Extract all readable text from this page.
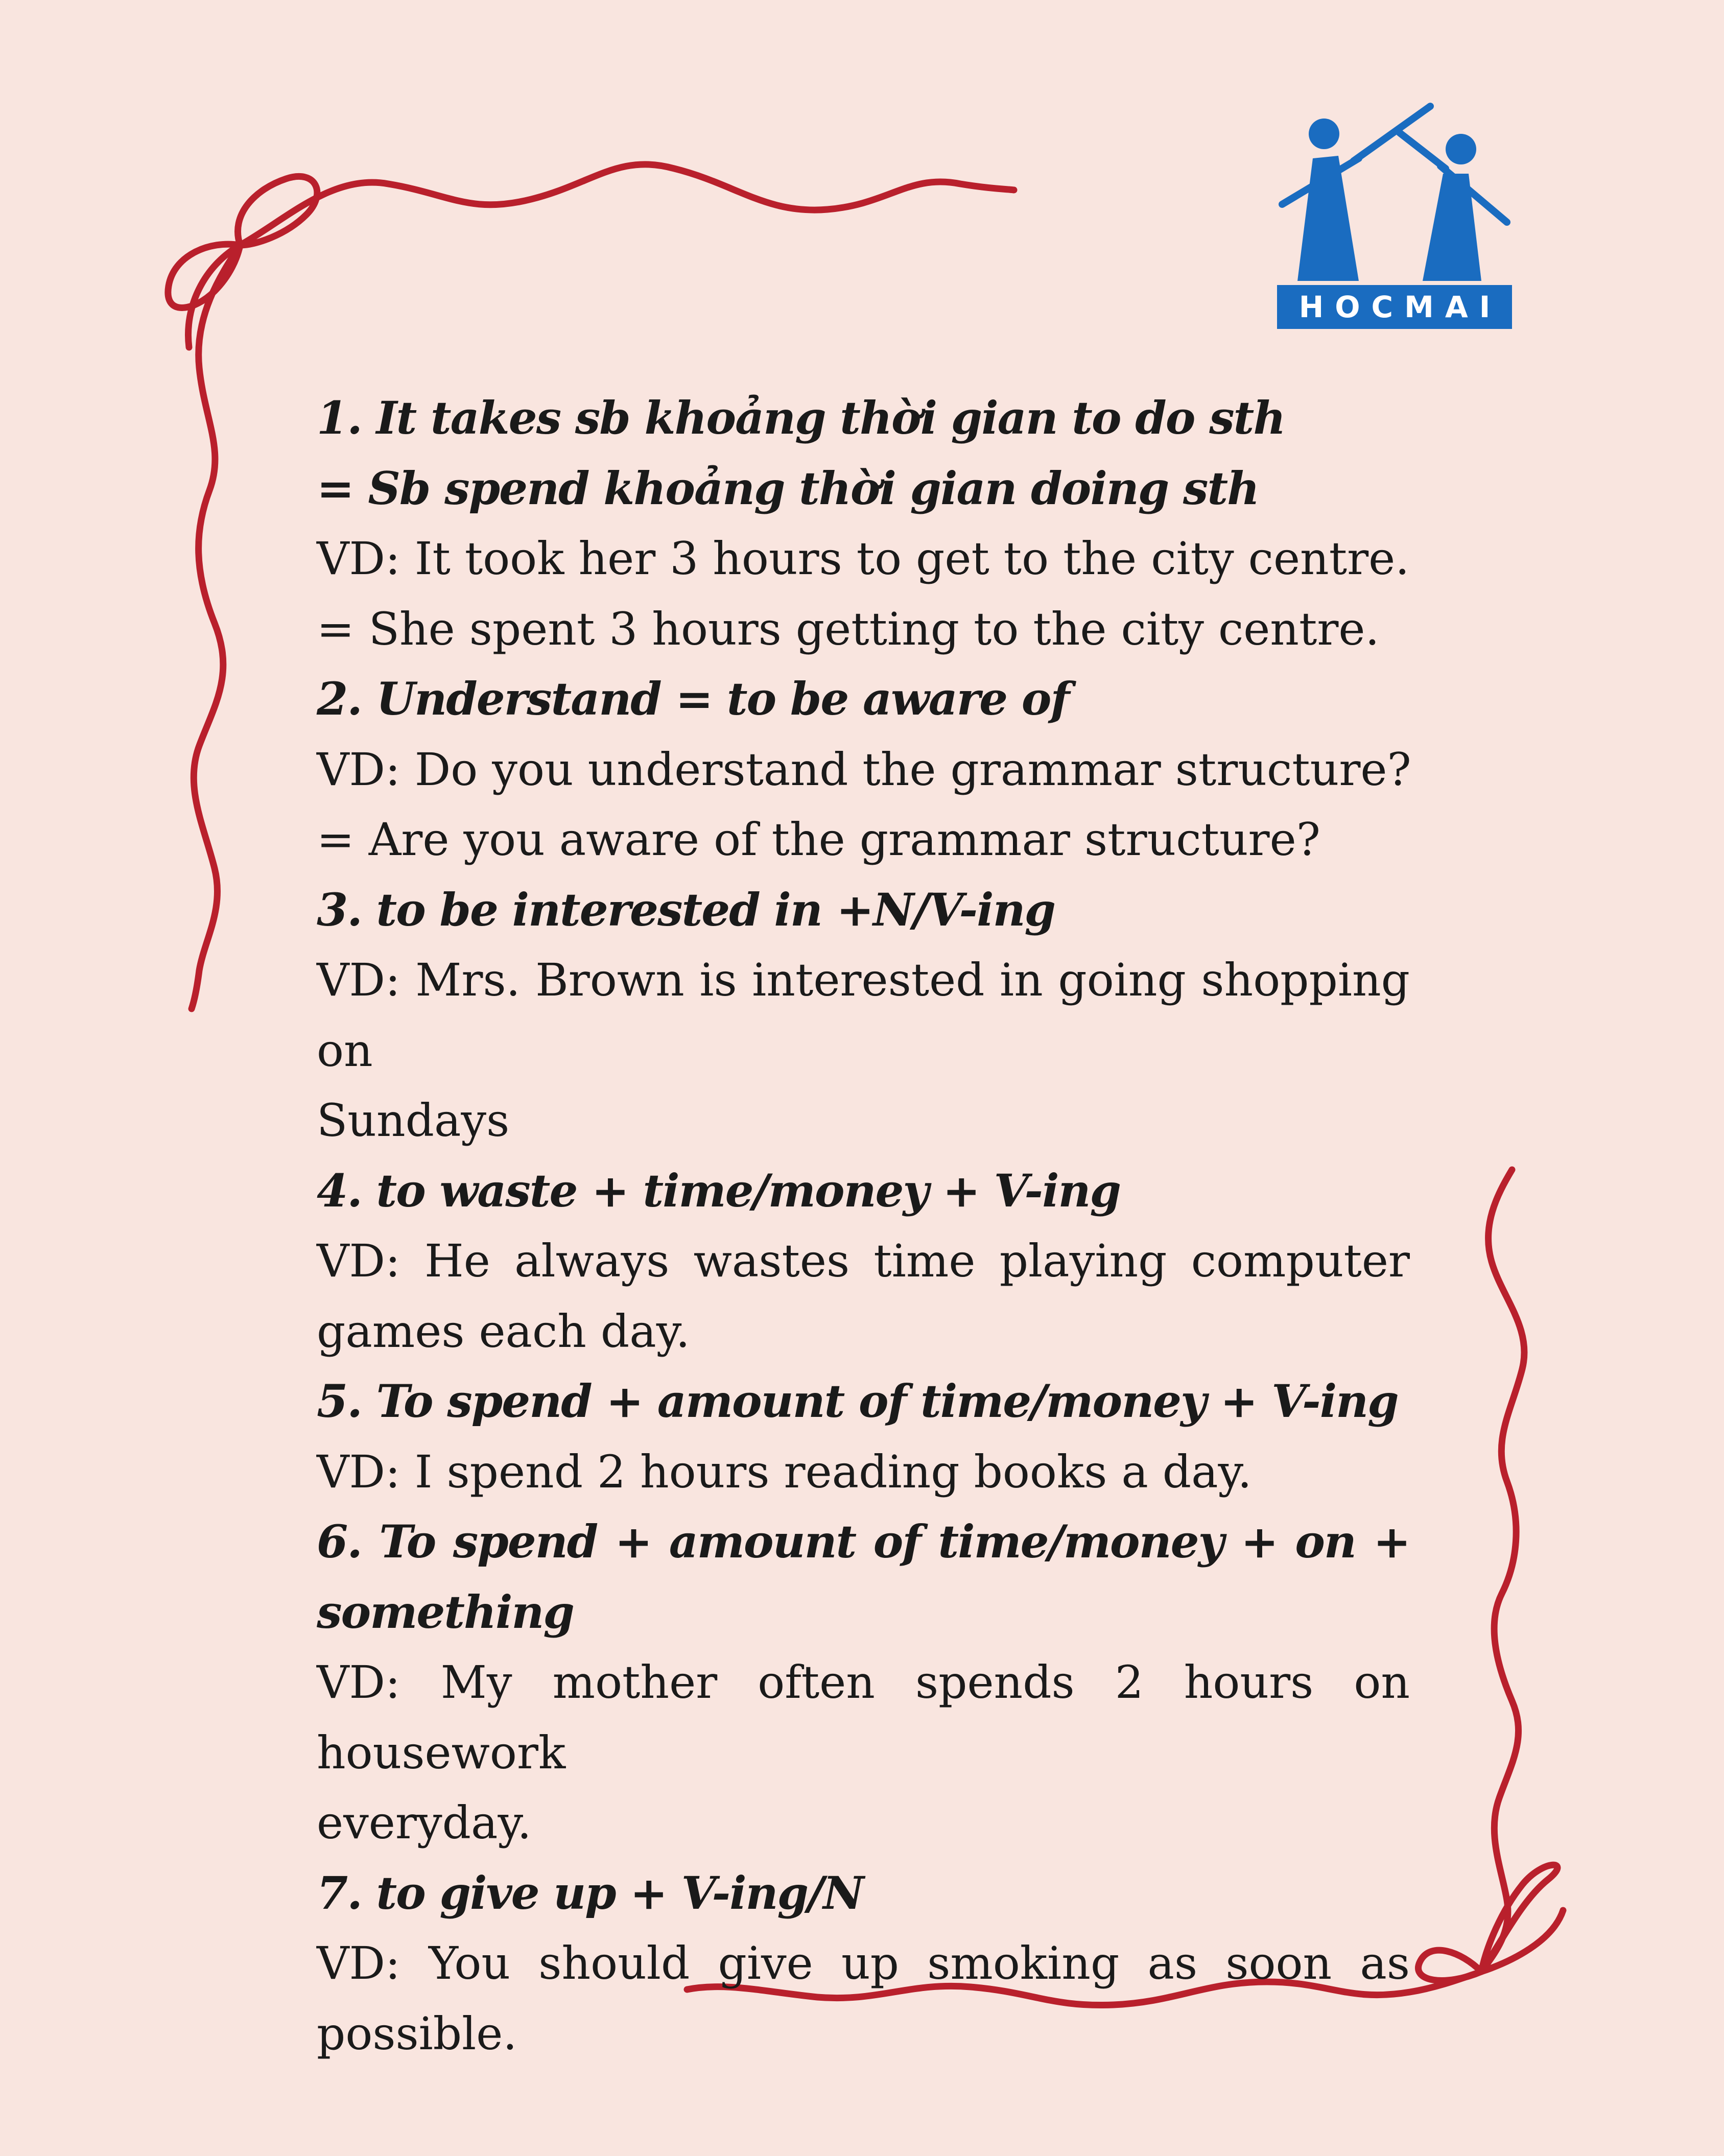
HOCMAI
1. It takes sb khoảng thời gian to do sth
= Sb spend khoảng thời gian doing sth
VD: It took her 3 hours to get to the city centre.
= She spent 3 hours getting to the city centre.
2. Understand = to be aware of
VD: Do you understand the grammar structure?
= Are you aware of the grammar structure?
3. to be interested in +N/V-ing
VD: Mrs. Brown is interested in going shopping on
Sundays
4. to waste + time/money + V-ing
VD: He always wastes time playing computer
games each day.
5. To spend + amount of time/money + V-ing
VD: I spend 2 hours reading books a day.
6. To spend + amount of time/money + on +
something
VD: My mother often spends 2 hours on housework
everyday.
7. to give up + V-ing/N
VD: You should give up smoking as soon as
possible.
